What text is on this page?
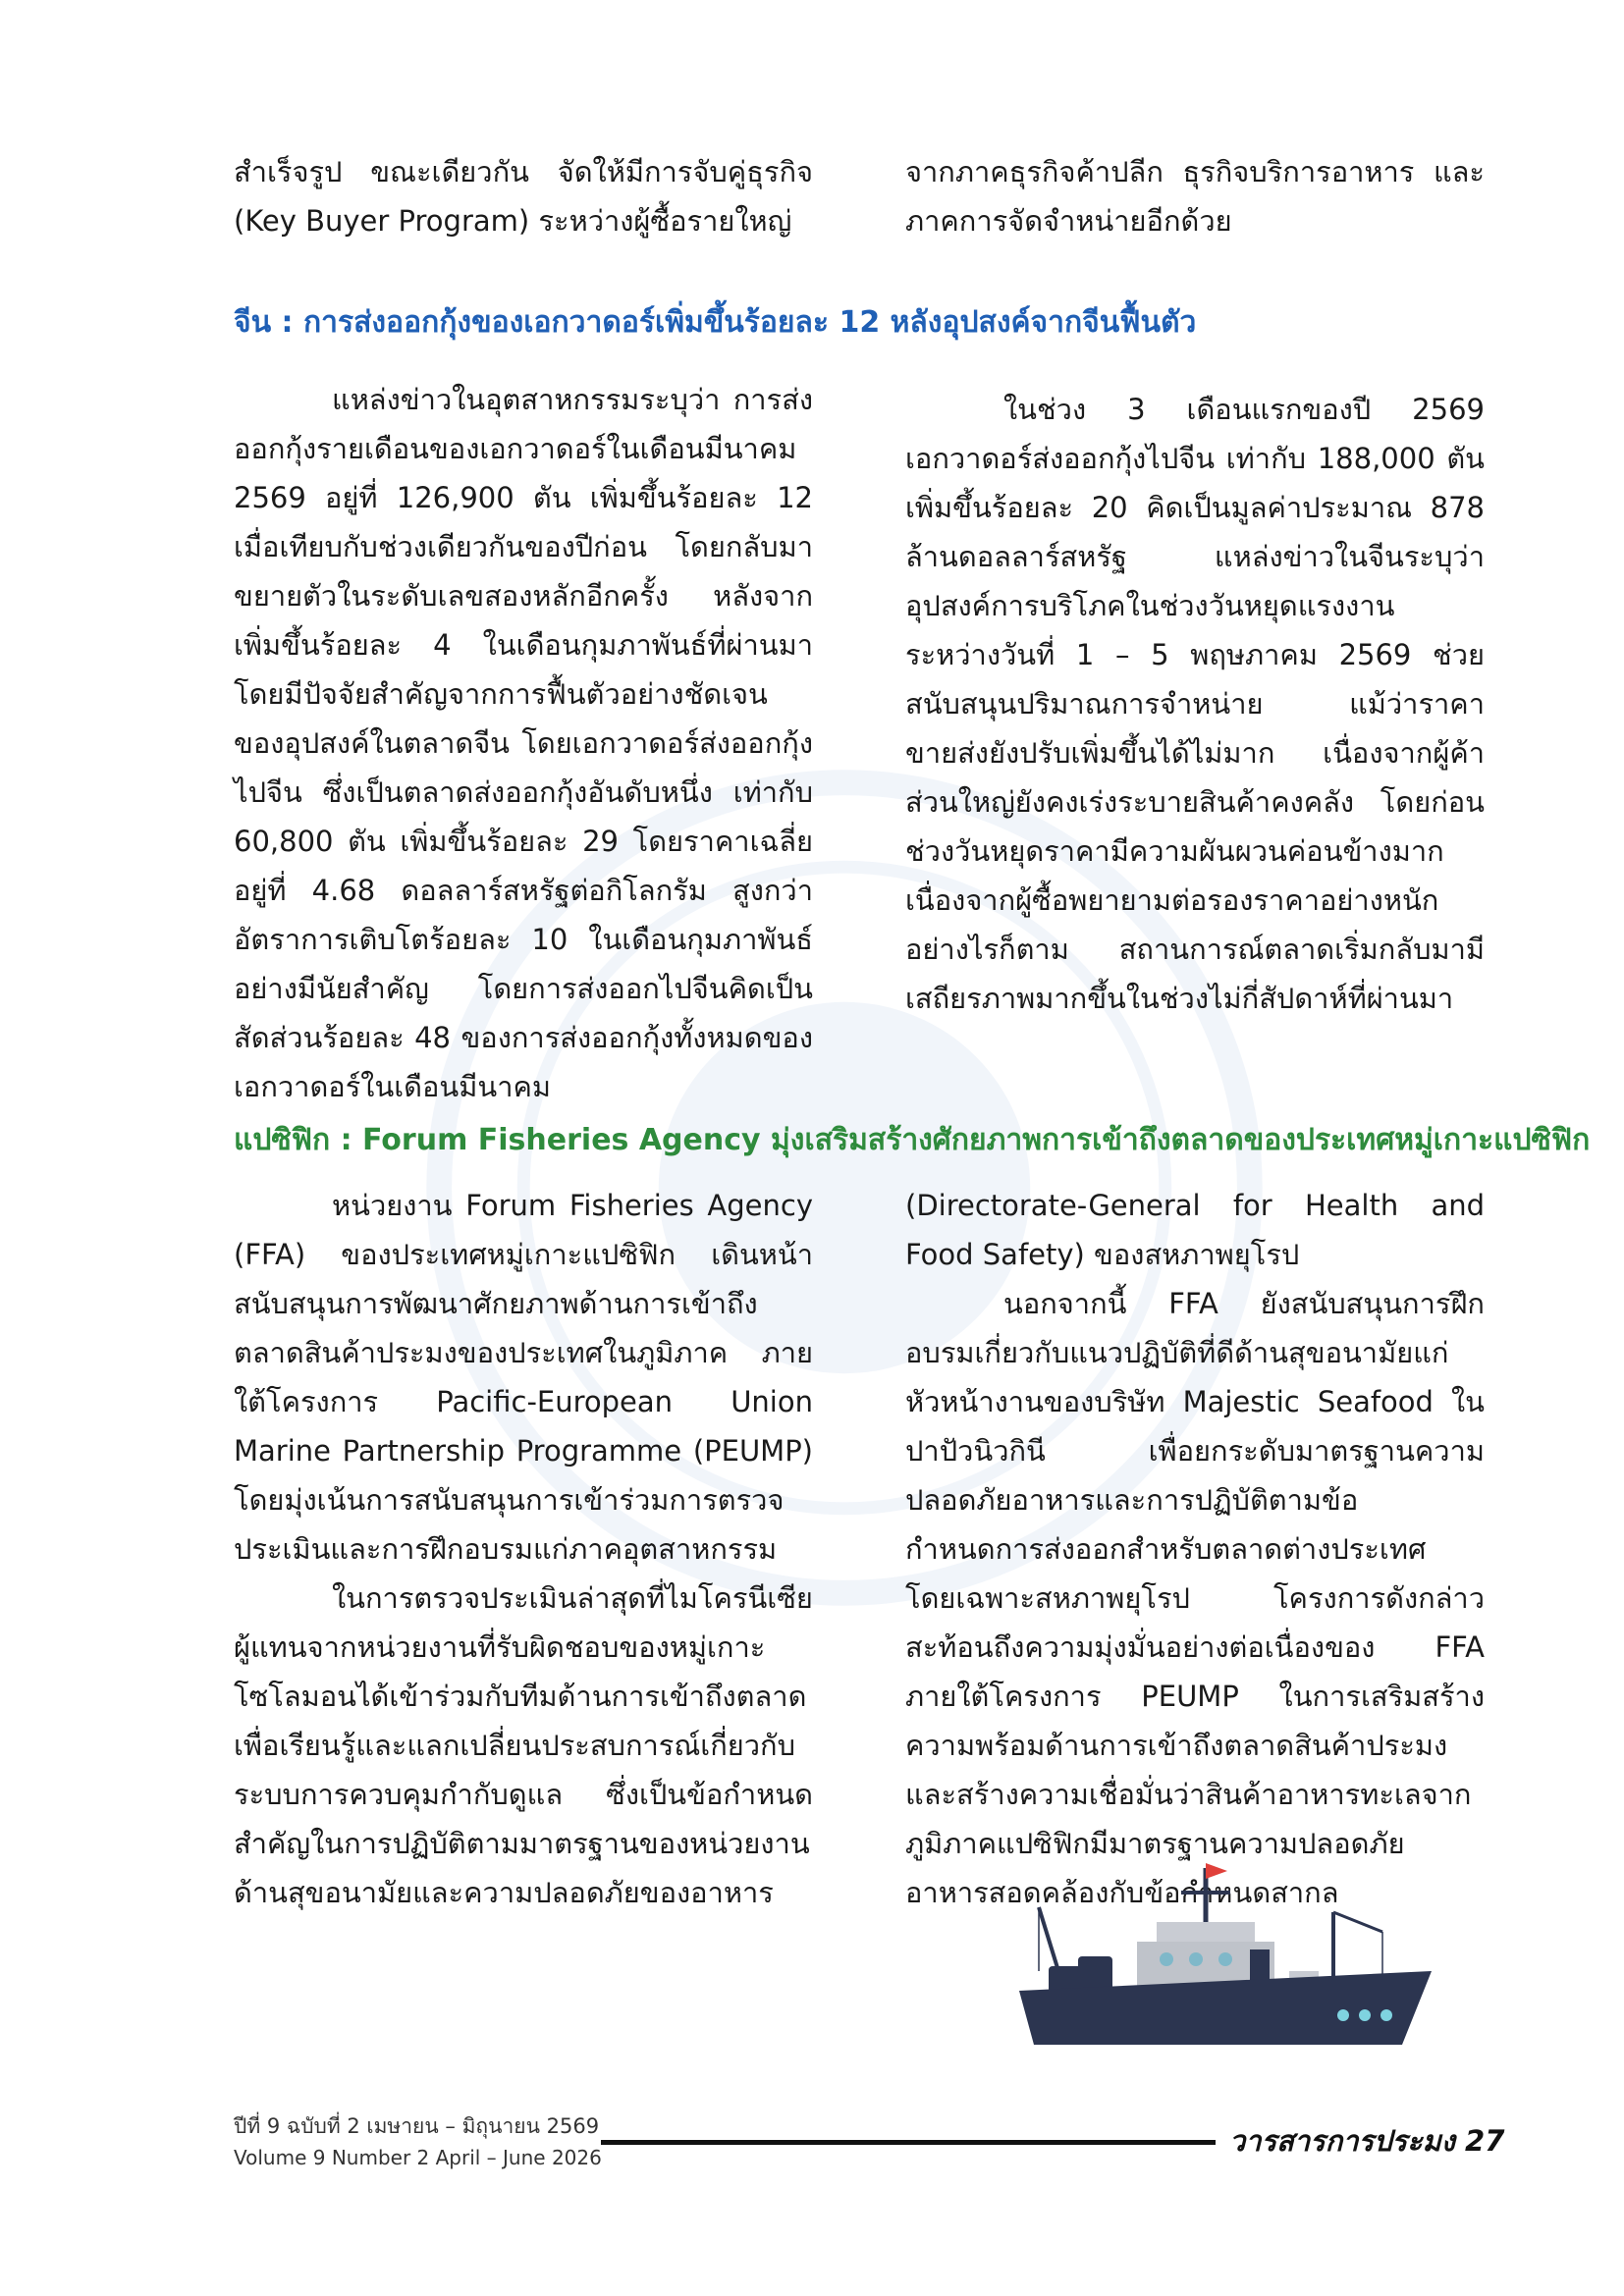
สำเร็จรูป ขณะเดียวกัน จัดให้มีการจับคู่ธุรกิจ (Key Buyer Program) ระหว่างผู้ซื้อรายใหญ่

จากภาคธุรกิจค้าปลีก ธุรกิจบริการอาหาร และภาคการจัดจำหน่ายอีกด้วย

จีน : การส่งออกกุ้งของเอกวาดอร์เพิ่มขึ้นร้อยละ 12 หลังอุปสงค์จากจีนฟื้นตัว

แหล่งข่าวในอุตสาหกรรมระบุว่า การส่งออกกุ้งรายเดือนของเอกวาดอร์ในเดือนมีนาคม 2569 อยู่ที่ 126,900 ตัน เพิ่มขึ้นร้อยละ 12 เมื่อเทียบกับช่วงเดียวกันของปีก่อน โดยกลับมาขยายตัวในระดับเลขสองหลักอีกครั้ง หลังจากเพิ่มขึ้นร้อยละ 4 ในเดือนกุมภาพันธ์ที่ผ่านมา โดยมีปัจจัยสำคัญจากการฟื้นตัวอย่างชัดเจนของอุปสงค์ในตลาดจีน โดยเอกวาดอร์ส่งออกกุ้งไปจีน ซึ่งเป็นตลาดส่งออกกุ้งอันดับหนึ่ง เท่ากับ 60,800 ตัน เพิ่มขึ้นร้อยละ 29 โดยราคาเฉลี่ยอยู่ที่ 4.68 ดอลลาร์สหรัฐต่อกิโลกรัม สูงกว่าอัตราการเติบโตร้อยละ 10 ในเดือนกุมภาพันธ์อย่างมีนัยสำคัญ โดยการส่งออกไปจีนคิดเป็นสัดส่วนร้อยละ 48 ของการส่งออกกุ้งทั้งหมดของเอกวาดอร์ในเดือนมีนาคม

ในช่วง 3 เดือนแรกของปี 2569 เอกวาดอร์ส่งออกกุ้งไปจีน เท่ากับ 188,000 ตัน เพิ่มขึ้นร้อยละ 20 คิดเป็นมูลค่าประมาณ 878 ล้านดอลลาร์สหรัฐ แหล่งข่าวในจีนระบุว่า อุปสงค์การบริโภคในช่วงวันหยุดแรงงาน ระหว่างวันที่ 1 – 5 พฤษภาคม 2569 ช่วยสนับสนุนปริมาณการจำหน่าย แม้ว่าราคาขายส่งยังปรับเพิ่มขึ้นได้ไม่มาก เนื่องจากผู้ค้าส่วนใหญ่ยังคงเร่งระบายสินค้าคงคลัง โดยก่อนช่วงวันหยุดราคามีความผันผวนค่อนข้างมาก เนื่องจากผู้ซื้อพยายามต่อรองราคาอย่างหนัก อย่างไรก็ตาม สถานการณ์ตลาดเริ่มกลับมามีเสถียรภาพมากขึ้นในช่วงไม่กี่สัปดาห์ที่ผ่านมา

แปซิฟิก : Forum Fisheries Agency มุ่งเสริมสร้างศักยภาพการเข้าถึงตลาดของประเทศหมู่เกาะแปซิฟิก

หน่วยงาน Forum Fisheries Agency (FFA) ของประเทศหมู่เกาะแปซิฟิก เดินหน้าสนับสนุนการพัฒนาศักยภาพด้านการเข้าถึงตลาดสินค้าประมงของประเทศในภูมิภาค ภายใต้โครงการ Pacific-European Union Marine Partnership Programme (PEUMP) โดยมุ่งเน้นการสนับสนุนการเข้าร่วมการตรวจประเมินและการฝึกอบรมแก่ภาคอุตสาหกรรม

ในการตรวจประเมินล่าสุดที่ไมโครนีเซีย ผู้แทนจากหน่วยงานที่รับผิดชอบของหมู่เกาะโซโลมอนได้เข้าร่วมกับทีมด้านการเข้าถึงตลาดเพื่อเรียนรู้และแลกเปลี่ยนประสบการณ์เกี่ยวกับระบบการควบคุมกำกับดูแล ซึ่งเป็นข้อกำหนดสำคัญในการปฏิบัติตามมาตรฐานของหน่วยงานด้านสุขอนามัยและความปลอดภัยของอาหาร

(Directorate-General for Health and Food Safety) ของสหภาพยุโรป

นอกจากนี้ FFA ยังสนับสนุนการฝึกอบรมเกี่ยวกับแนวปฏิบัติที่ดีด้านสุขอนามัยแก่หัวหน้างานของบริษัท Majestic Seafood ในปาปัวนิวกินี เพื่อยกระดับมาตรฐานความปลอดภัยอาหารและการปฏิบัติตามข้อกำหนดการส่งออกสำหรับตลาดต่างประเทศ โดยเฉพาะสหภาพยุโรป โครงการดังกล่าวสะท้อนถึงความมุ่งมั่นอย่างต่อเนื่องของ FFA ภายใต้โครงการ PEUMP ในการเสริมสร้างความพร้อมด้านการเข้าถึงตลาดสินค้าประมง และสร้างความเชื่อมั่นว่าสินค้าอาหารทะเลจากภูมิภาคแปซิฟิกมีมาตรฐานความปลอดภัยอาหารสอดคล้องกับข้อกำหนดสากล

ปีที่ 9 ฉบับที่ 2 เมษายน – มิถุนายน 2569
Volume 9 Number 2 April – June 2026	วารสารการประมง 27
